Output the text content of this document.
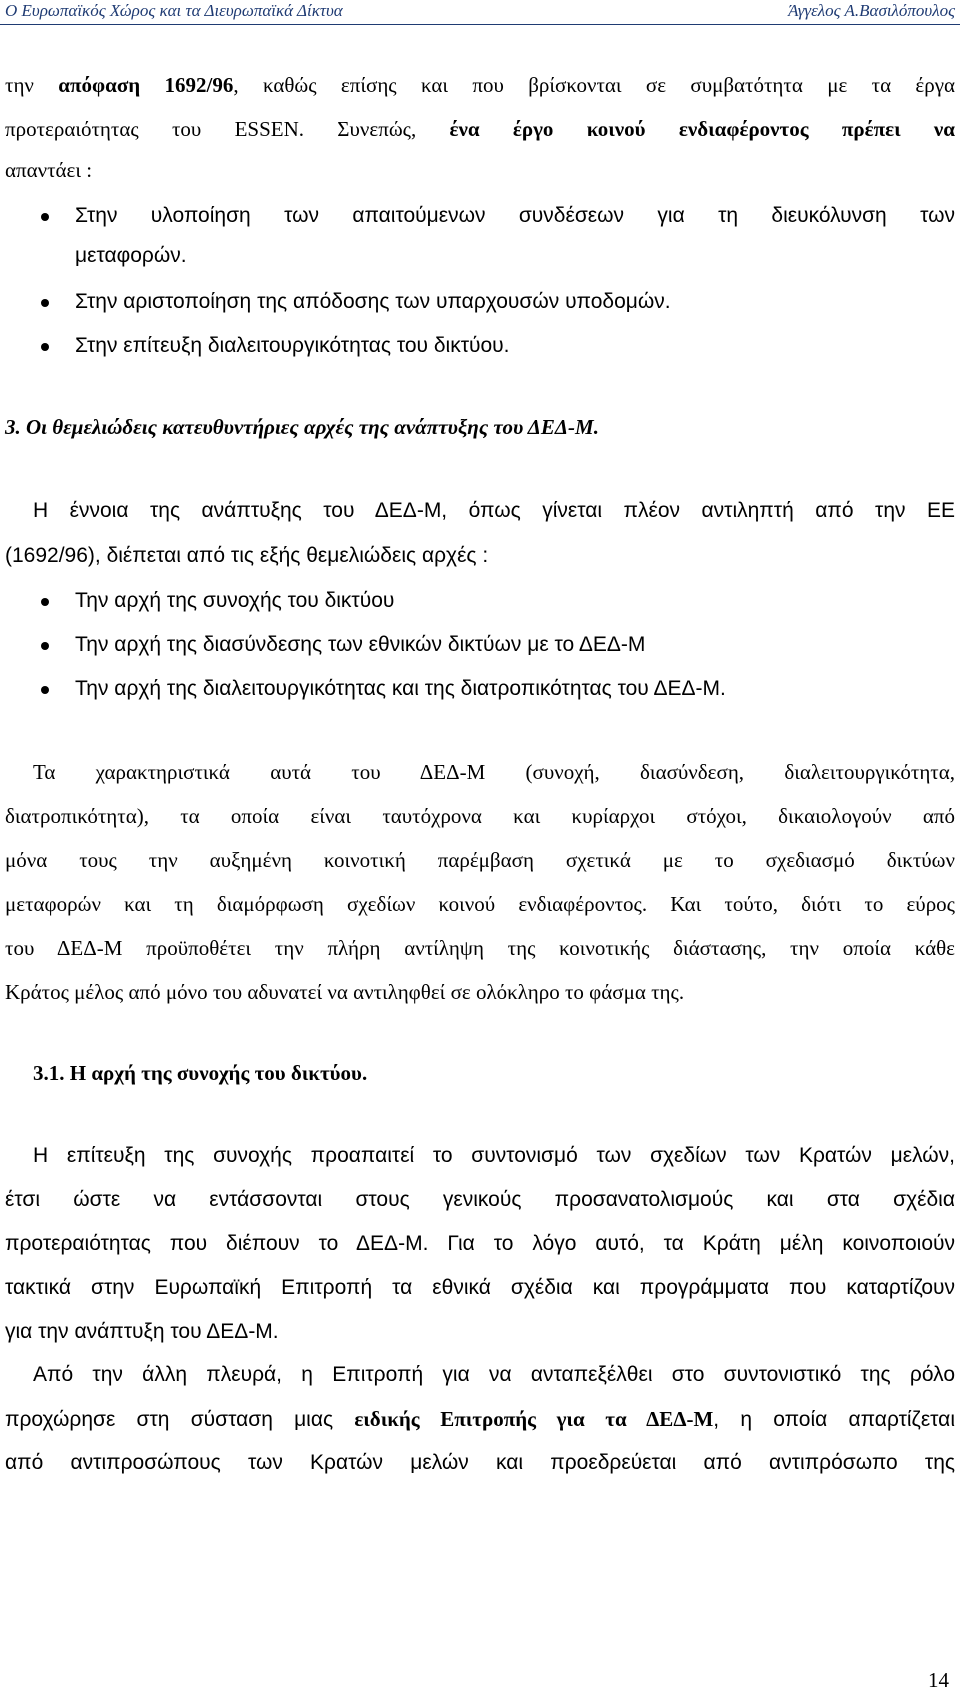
Ο Ευρωπαϊκός Χώρος και τα Διευρωπαϊκά Δίκτυα	Άγγελος Α.Βασιλόπουλος
την απόφαση 1692/96, καθώς επίσης και που βρίσκονται σε συμβατότητα με τα έργα
προτεραιότητας του ESSEN. Συνεπώς, ένα έργο κοινού ενδιαφέροντος πρέπει να
απαντάει :
Στην υλοποίηση των απαιτούμενων συνδέσεων για τη διευκόλυνση των
μεταφορών.
Στην αριστοποίηση της απόδοσης των υπαρχουσών υποδομών.
Στην επίτευξη διαλειτουργικότητας του δικτύου.
3. Οι θεμελιώδεις κατευθυντήριες αρχές της ανάπτυξης του ΔΕΔ-Μ.
Η έννοια της ανάπτυξης του ΔΕΔ-Μ, όπως γίνεται πλέον αντιληπτή από την ΕΕ
(1692/96), διέπεται από τις εξής θεμελιώδεις αρχές :
Την αρχή της συνοχής του δικτύου
Την αρχή της διασύνδεσης των εθνικών δικτύων με το ΔΕΔ-Μ
Την αρχή της διαλειτουργικότητας και της διατροπικότητας του ΔΕΔ-Μ.
Τα χαρακτηριστικά αυτά του ΔΕΔ-Μ (συνοχή, διασύνδεση, διαλειτουργικότητα,
διατροπικότητα), τα οποία είναι ταυτόχρονα και κυρίαρχοι στόχοι, δικαιολογούν από
μόνα τους την αυξημένη κοινοτική παρέμβαση σχετικά με το σχεδιασμό δικτύων
μεταφορών και τη διαμόρφωση σχεδίων κοινού ενδιαφέροντος. Και τούτο, διότι το εύρος
του ΔΕΔ-Μ προϋποθέτει την πλήρη αντίληψη της κοινοτικής διάστασης, την οποία κάθε
Κράτος μέλος από μόνο του αδυνατεί να αντιληφθεί σε ολόκληρο το φάσμα της.
3.1. Η αρχή της συνοχής του δικτύου.
Η επίτευξη της συνοχής προαπαιτεί το συντονισμό των σχεδίων των Κρατών μελών,
έτσι ώστε να εντάσσονται στους γενικούς προσανατολισμούς και στα σχέδια
προτεραιότητας που διέπουν το ΔΕΔ-Μ. Για το λόγο αυτό, τα Κράτη μέλη κοινοποιούν
τακτικά στην Ευρωπαϊκή Επιτροπή τα εθνικά σχέδια και προγράμματα που καταρτίζουν
για την ανάπτυξη του ΔΕΔ-Μ.
Από την άλλη πλευρά, η Επιτροπή για να ανταπεξέλθει στο συντονιστικό της ρόλο
προχώρησε στη σύσταση μιας ειδικής Επιτροπής για τα ΔΕΔ-Μ, η οποία απαρτίζεται
από αντιπροσώπους των Κρατών μελών και προεδρεύεται από αντιπρόσωπο της
14
